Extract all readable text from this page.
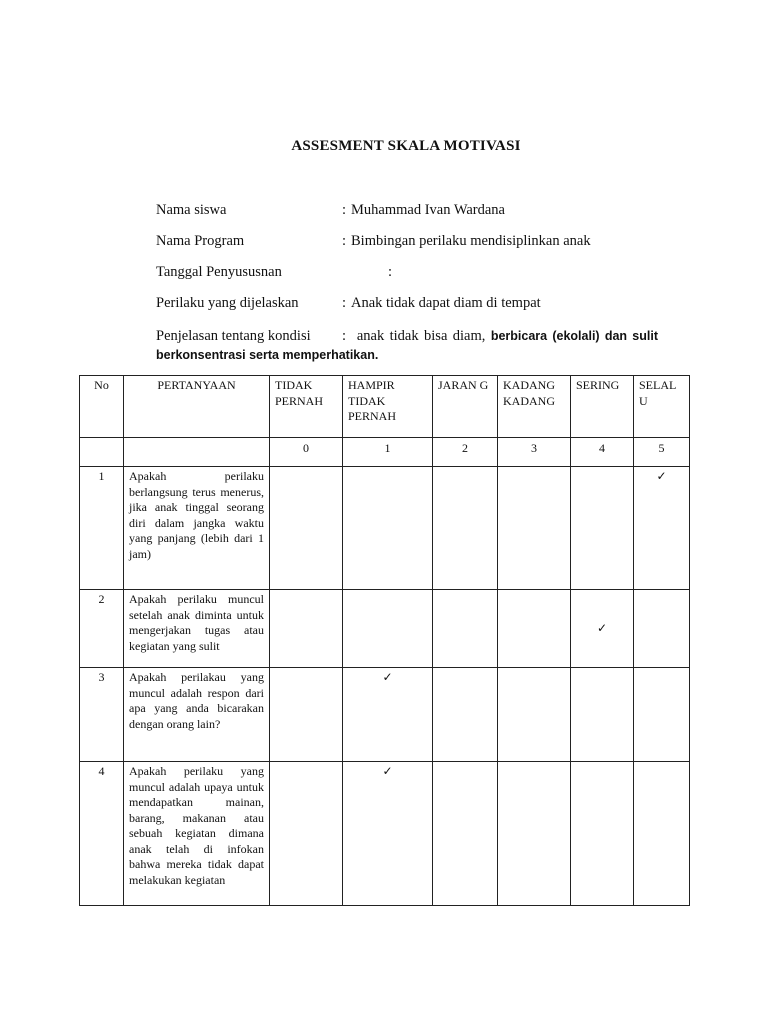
ASSESMENT SKALA MOTIVASI
Nama siswa	: Muhammad Ivan Wardana
Nama Program	: Bimbingan perilaku mendisiplinkan anak
Tanggal Penyususnan	:
Perilaku yang dijelaskan	: Anak tidak dapat diam di tempat
Penjelasan tentang kondisi : anak tidak bisa diam, berbicara (ekolali) dan sulit
berkonsentrasi serta memperhatikan.
No	PERTANYAAN	TIDAK PERNAH	HAMPIR TIDAK PERNAH	JARAN G	KADANG KADANG	SERING	SELAL U
		0	1	2	3	4	5
1	Apakah perilaku berlangsung terus menerus, jika anak tinggal seorang diri dalam jangka waktu yang panjang (lebih dari 1 jam)						✓

2	Apakah perilaku muncul setelah anak diminta untuk mengerjakan tugas atau kegiatan yang sulit					✓	

3	Apakah perilakau yang muncul adalah respon dari apa yang anda bicarakan dengan orang lain?		✓				

4	Apakah perilaku yang muncul adalah upaya untuk mendapatkan mainan, barang, makanan atau sebuah kegiatan dimana anak telah di infokan bahwa mereka tidak dapat melakukan kegiatan		✓				
